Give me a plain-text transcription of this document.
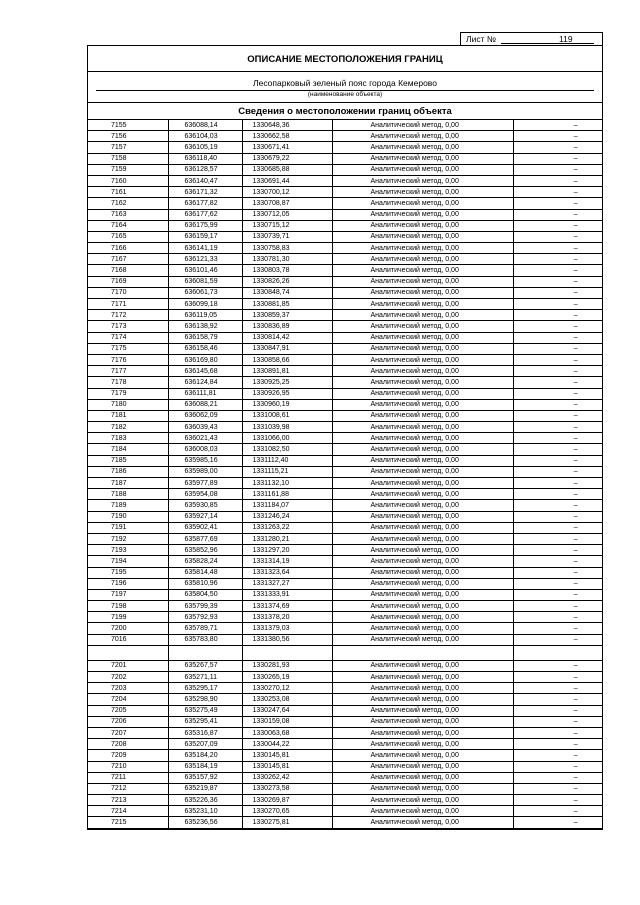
Лист №	119
ОПИСАНИЕ МЕСТОПОЛОЖЕНИЯ ГРАНИЦ
Лесопарковый зеленый пояс города Кемерово
(наименование объекта)
Сведения о местоположении границ объекта
7155	636088,14	1330648,36	Аналитический метод, 0,00	–
7156	636104,03	1330662,58	Аналитический метод, 0,00	–
7157	636105,19	1330671,41	Аналитический метод, 0,00	–
7158	636118,40	1330679,22	Аналитический метод, 0,00	–
7159	636128,57	1330685,88	Аналитический метод, 0,00	–
7160	636140,47	1330691,44	Аналитический метод, 0,00	–
7161	636171,32	1330700,12	Аналитический метод, 0,00	–
7162	636177,82	1330708,87	Аналитический метод, 0,00	–
7163	636177,62	1330712,05	Аналитический метод, 0,00	–
7164	636175,99	1330715,12	Аналитический метод, 0,00	–
7165	636159,17	1330739,71	Аналитический метод, 0,00	–
7166	636141,19	1330758,83	Аналитический метод, 0,00	–
7167	636121,33	1330781,30	Аналитический метод, 0,00	–
7168	636101,46	1330803,78	Аналитический метод, 0,00	–
7169	636081,59	1330826,26	Аналитический метод, 0,00	–
7170	636061,73	1330848,74	Аналитический метод, 0,00	–
7171	636099,18	1330881,85	Аналитический метод, 0,00	–
7172	636119,05	1330859,37	Аналитический метод, 0,00	–
7173	636138,92	1330836,89	Аналитический метод, 0,00	–
7174	636158,79	1330814,42	Аналитический метод, 0,00	–
7175	636158,46	1330847,91	Аналитический метод, 0,00	–
7176	636169,80	1330858,66	Аналитический метод, 0,00	–
7177	636145,68	1330891,81	Аналитический метод, 0,00	–
7178	636124,84	1330925,25	Аналитический метод, 0,00	–
7179	636111,81	1330926,95	Аналитический метод, 0,00	–
7180	636088,21	1330960,19	Аналитический метод, 0,00	–
7181	636062,09	1331008,61	Аналитический метод, 0,00	–
7182	636039,43	1331039,98	Аналитический метод, 0,00	–
7183	636021,43	1331066,00	Аналитический метод, 0,00	–
7184	636008,03	1331082,50	Аналитический метод, 0,00	–
7185	635985,16	1331112,40	Аналитический метод, 0,00	–
7186	635989,00	1331115,21	Аналитический метод, 0,00	–
7187	635977,89	1331132,10	Аналитический метод, 0,00	–
7188	635954,08	1331161,88	Аналитический метод, 0,00	–
7189	635930,85	1331184,07	Аналитический метод, 0,00	–
7190	635927,14	1331246,24	Аналитический метод, 0,00	–
7191	635902,41	1331263,22	Аналитический метод, 0,00	–
7192	635877,69	1331280,21	Аналитический метод, 0,00	–
7193	635852,96	1331297,20	Аналитический метод, 0,00	–
7194	635828,24	1331314,19	Аналитический метод, 0,00	–
7195	635814,48	1331323,64	Аналитический метод, 0,00	–
7196	635810,96	1331327,27	Аналитический метод, 0,00	–
7197	635804,50	1331333,91	Аналитический метод, 0,00	–
7198	635799,39	1331374,69	Аналитический метод, 0,00	–
7199	635792,93	1331378,20	Аналитический метод, 0,00	–
7200	635789,71	1331379,03	Аналитический метод, 0,00	–
7016	635783,80	1331380,56	Аналитический метод, 0,00	–

7201	635267,57	1330281,93	Аналитический метод, 0,00	–
7202	635271,11	1330265,19	Аналитический метод, 0,00	–
7203	635295,17	1330270,12	Аналитический метод, 0,00	–
7204	635298,90	1330253,08	Аналитический метод, 0,00	–
7205	635275,49	1330247,64	Аналитический метод, 0,00	–
7206	635295,41	1330159,08	Аналитический метод, 0,00	–
7207	635316,87	1330063,68	Аналитический метод, 0,00	–
7208	635207,09	1330044,22	Аналитический метод, 0,00	–
7209	635184,20	1330145,81	Аналитический метод, 0,00	–
7210	635184,19	1330145,81	Аналитический метод, 0,00	–
7211	635157,92	1330262,42	Аналитический метод, 0,00	–
7212	635219,87	1330273,58	Аналитический метод, 0,00	–
7213	635226,36	1330269,87	Аналитический метод, 0,00	–
7214	635231,10	1330270,65	Аналитический метод, 0,00	–
7215	635236,56	1330275,81	Аналитический метод, 0,00	–
